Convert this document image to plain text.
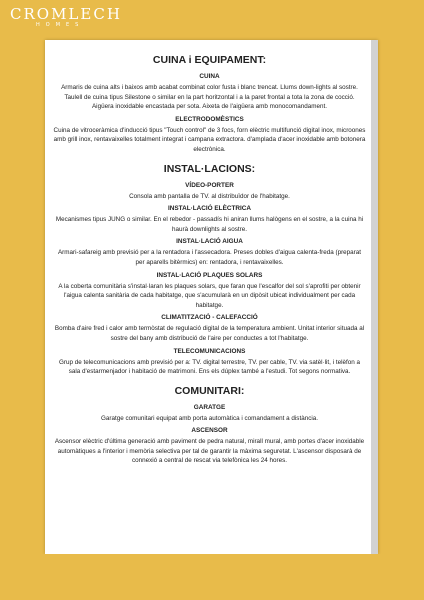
CROMLECH
HOMES
CUINA i EQUIPAMENT:
CUINA

Armaris de cuina alts i baixos amb acabat combinat color fusta i blanc trencat. Llums down-lights al sostre. Taulell de cuina tipus Silestone o similar en la part horitzontal i a la paret frontal a tota la zona de cocció. Aigüera inoxidable encastada per sota. Aixeta de l'aigüera amb monocomandament.

ELECTRODOMÈSTICS

Cuina de vitroceràmica d'inducció tipus "Touch control" de 3 focs, forn elèctric multifunció digital inox, microones amb grill inox, rentavaixelles totalment integrat i campana extractora. d'amplada d'acer inoxidable amb botonera electrònica.

INSTAL·LACIONS:
VÍDEO-PORTER

Consola amb pantalla de TV. al distribuïdor de l'habitatge.

INSTAL·LACIÓ ELÈCTRICA

Mecanismes tipus JUNG o similar. En el rebedor - passadís hi aniran llums halògens en el sostre, a la cuina hi haurà downlights al sostre.

INSTAL·LACIÓ AIGUA

Armari-safareig amb previsió per a la rentadora i l'assecadora. Preses dobles d'aigua calenta-freda (preparat per aparells bitèrmics) en: rentadora, i rentavaixelles.

INSTAL·LACIÓ PLAQUES SOLARS

A la coberta comunitària s'instal·laran les plaques solars, que faran que l'escalfor del sol s'aprofiti per obtenir l'aigua calenta sanitària de cada habitatge, que s'acumularà en un dipòsit ubicat individualment per cada habitatge.

CLIMATITZACIÓ - CALEFACCIÓ

Bomba d'aire fred i calor amb termòstat de regulació digital de la temperatura ambient. Unitat interior situada al sostre del bany amb distribució de l'aire per conductes a tot l'habitatge.

TELECOMUNICACIONS

Grup de telecomunicacions amb previsió per a: TV. digital terrestre, TV. per cable, TV. via satèl·lit, i telèfon a sala d'estarmenjador i habitació de matrimoni. Ens els dúplex també a l'estudi. Tot segons normativa.

COMUNITARI:
GARATGE

Garatge comunitari equipat amb porta automàtica i comandament a distància.

ASCENSOR

Ascensor elèctric d'última generació amb paviment de pedra natural, mirall mural, amb portes d'acer inoxidable automàtiques a l'interior i memòria selectiva per tal de garantir la màxima seguretat. L'ascensor disposarà de connexió a central de rescat via telefònica les 24 hores.
